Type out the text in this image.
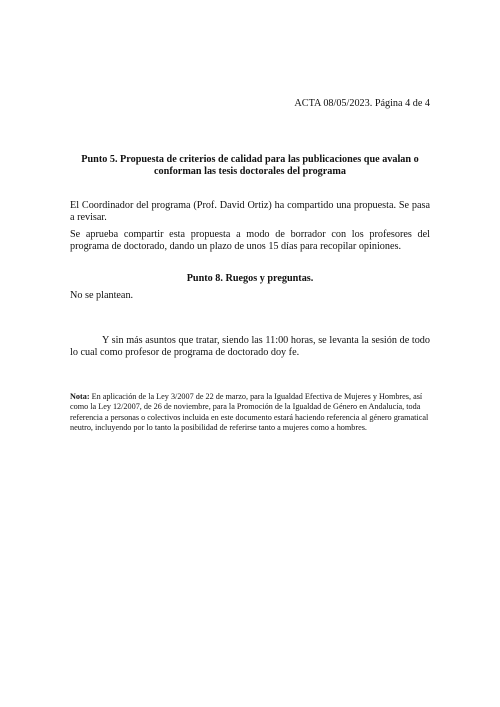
ACTA 08/05/2023. Página 4 de 4
Punto 5. Propuesta de criterios de calidad para las publicaciones que avalan o conforman las tesis doctorales del programa
El Coordinador del programa (Prof. David Ortiz) ha compartido una propuesta. Se pasa a revisar.
Se aprueba compartir esta propuesta a modo de borrador con los profesores del programa de doctorado, dando un plazo de unos 15 días para recopilar opiniones.
Punto 8. Ruegos y preguntas.
No se plantean.
Y sin más asuntos que tratar, siendo las 11:00 horas, se levanta la sesión de todo lo cual como profesor de programa de doctorado doy fe.
Nota: En aplicación de la Ley 3/2007 de 22 de marzo, para la Igualdad Efectiva de Mujeres y Hombres, así como la Ley 12/2007, de 26 de noviembre, para la Promoción de la Igualdad de Género en Andalucía, toda referencia a personas o colectivos incluida en este documento estará haciendo referencia al género gramatical neutro, incluyendo por lo tanto la posibilidad de referirse tanto a mujeres como a hombres.
